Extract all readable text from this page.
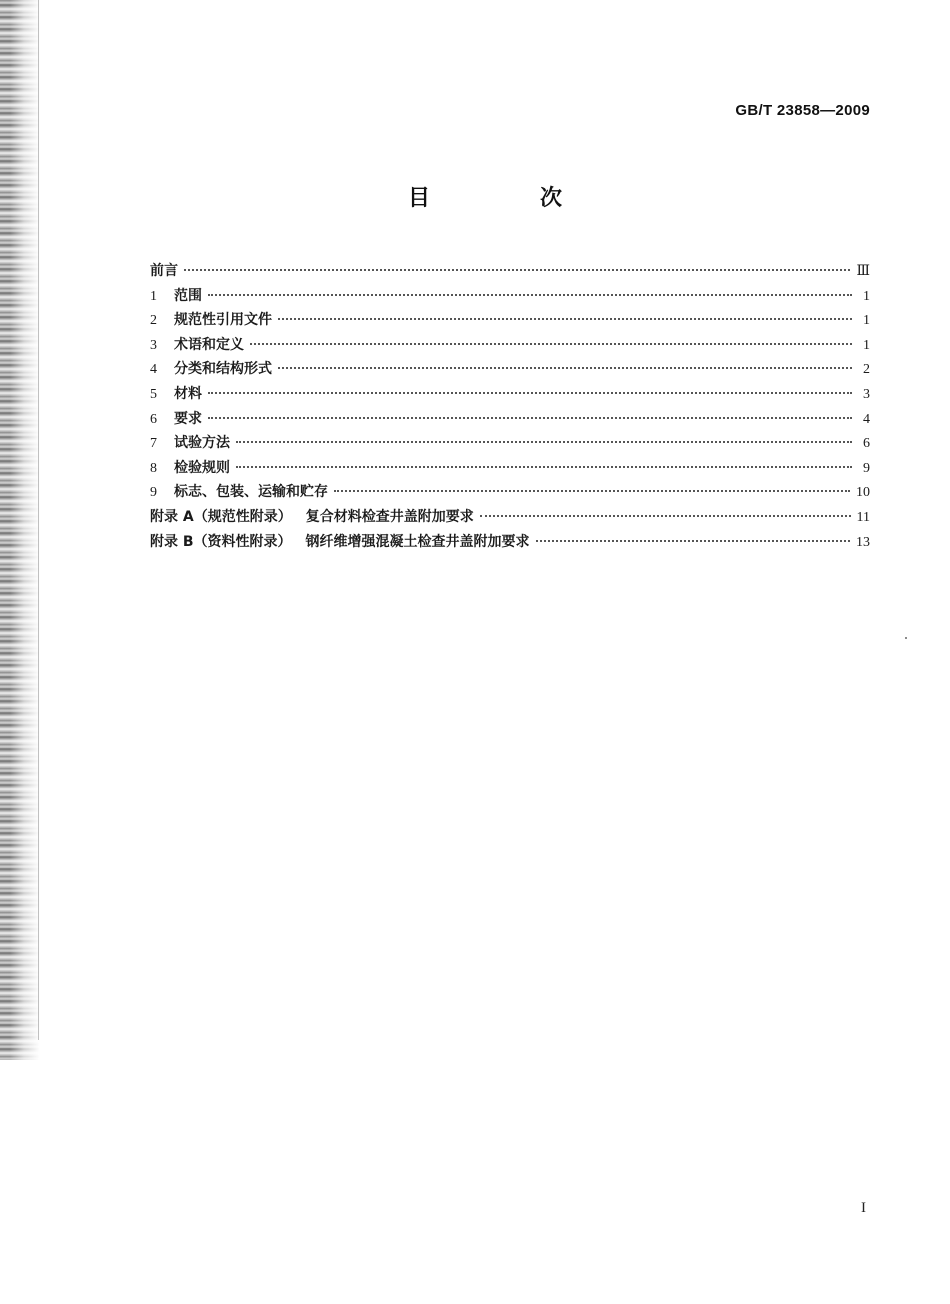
GB/T 23858—2009
目　次
前言	Ⅲ
1	范围	1
2	规范性引用文件	1
3	术语和定义	1
4	分类和结构形式	2
5	材料	3
6	要求	4
7	试验方法	6
8	检验规则	9
9	标志、包装、运输和贮存	10
附录 A（规范性附录） 复合材料检查井盖附加要求	11
附录 B（资料性附录） 钢纤维增强混凝土检查井盖附加要求	13
I
